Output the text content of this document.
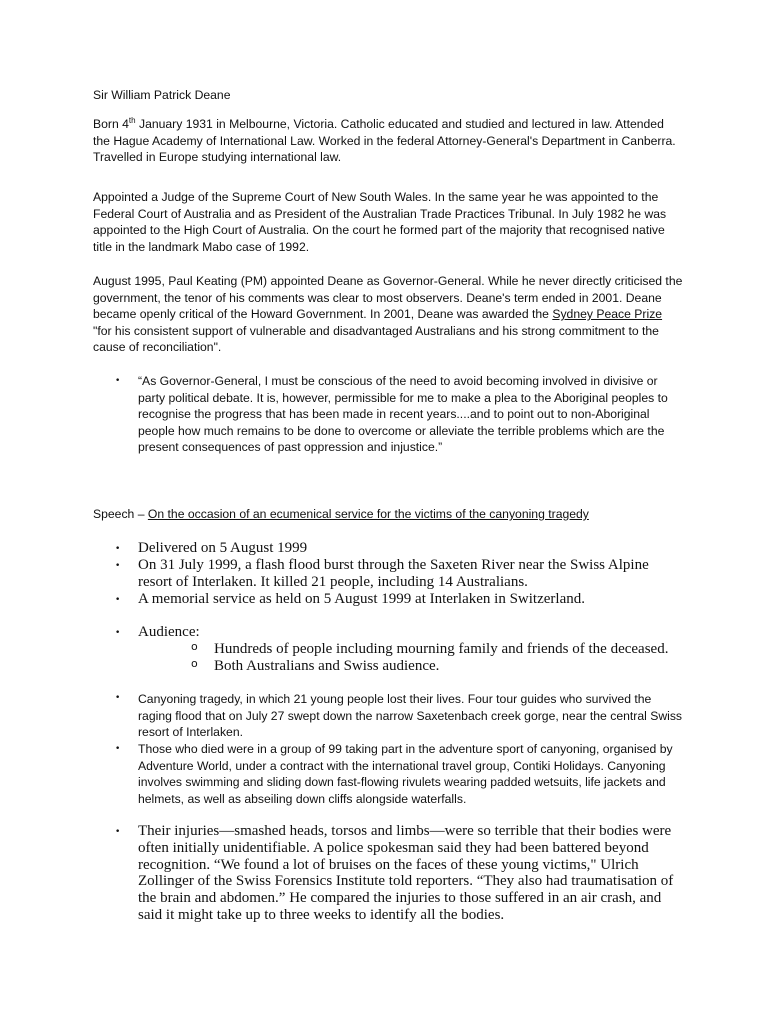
Sir William Patrick Deane

Born 4th January 1931 in Melbourne, Victoria. Catholic educated and studied and lectured in law. Attended the Hague Academy of International Law. Worked in the federal Attorney-General's Department in Canberra. Travelled in Europe studying international law.

Appointed a Judge of the Supreme Court of New South Wales. In the same year he was appointed to the Federal Court of Australia and as President of the Australian Trade Practices Tribunal. In July 1982 he was appointed to the High Court of Australia. On the court he formed part of the majority that recognised native title in the landmark Mabo case of 1992.

August 1995, Paul Keating (PM) appointed Deane as Governor-General. While he never directly criticised the government, the tenor of his comments was clear to most observers. Deane's term ended in 2001. Deane became openly critical of the Howard Government. In 2001, Deane was awarded the Sydney Peace Prize "for his consistent support of vulnerable and disadvantaged Australians and his strong commitment to the cause of reconciliation".

• “As Governor-General, I must be conscious of the need to avoid becoming involved in divisive or party political debate. It is, however, permissible for me to make a plea to the Aboriginal peoples to recognise the progress that has been made in recent years....and to point out to non-Aboriginal people how much remains to be done to overcome or alleviate the terrible problems which are the present consequences of past oppression and injustice.”

Speech – On the occasion of an ecumenical service for the victims of the canyoning tragedy

• Delivered on 5 August 1999

• On 31 July 1999, a flash flood burst through the Saxeten River near the Swiss Alpine resort of Interlaken. It killed 21 people, including 14 Australians.

• A memorial service as held on 5 August 1999 at Interlaken in Switzerland.

• Audience:

o Hundreds of people including mourning family and friends of the deceased.

o Both Australians and Swiss audience.

• Canyoning tragedy, in which 21 young people lost their lives. Four tour guides who survived the raging flood that on July 27 swept down the narrow Saxetenbach creek gorge, near the central Swiss resort of Interlaken.

• Those who died were in a group of 99 taking part in the adventure sport of canyoning, organised by Adventure World, under a contract with the international travel group, Contiki Holidays. Canyoning involves swimming and sliding down fast-flowing rivulets wearing padded wetsuits, life jackets and helmets, as well as abseiling down cliffs alongside waterfalls.

• Their injuries—smashed heads, torsos and limbs—were so terrible that their bodies were often initially unidentifiable. A police spokesman said they had been battered beyond recognition. “We found a lot of bruises on the faces of these young victims," Ulrich Zollinger of the Swiss Forensics Institute told reporters. “They also had traumatisation of the brain and abdomen.” He compared the injuries to those suffered in an air crash, and said it might take up to three weeks to identify all the bodies.
